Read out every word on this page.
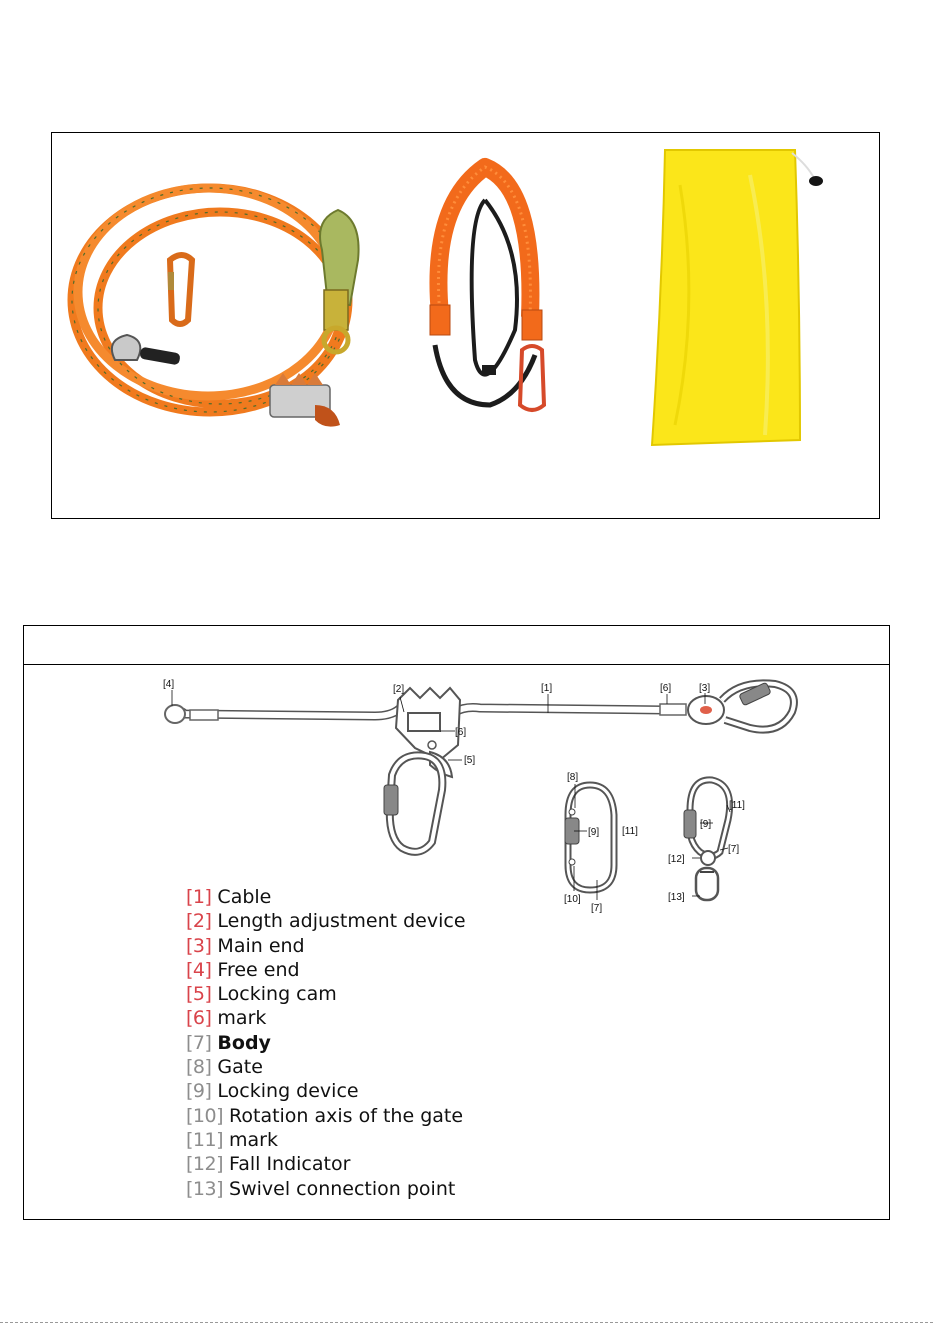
[4]	[2]	[1]	[6]	[3]
[6]
[5]
[8]
[9] [11]
[10]
[7]
[11]
[9]
[7]
[12]
[13]
[1] Cable
[2] Length adjustment device
[3] Main end
[4] Free end
[5] Locking cam
[6] mark
[7] Body
[8] Gate
[9] Locking device
[10] Rotation axis of the gate
[11] mark
[12] Fall Indicator
[13] Swivel connection point
